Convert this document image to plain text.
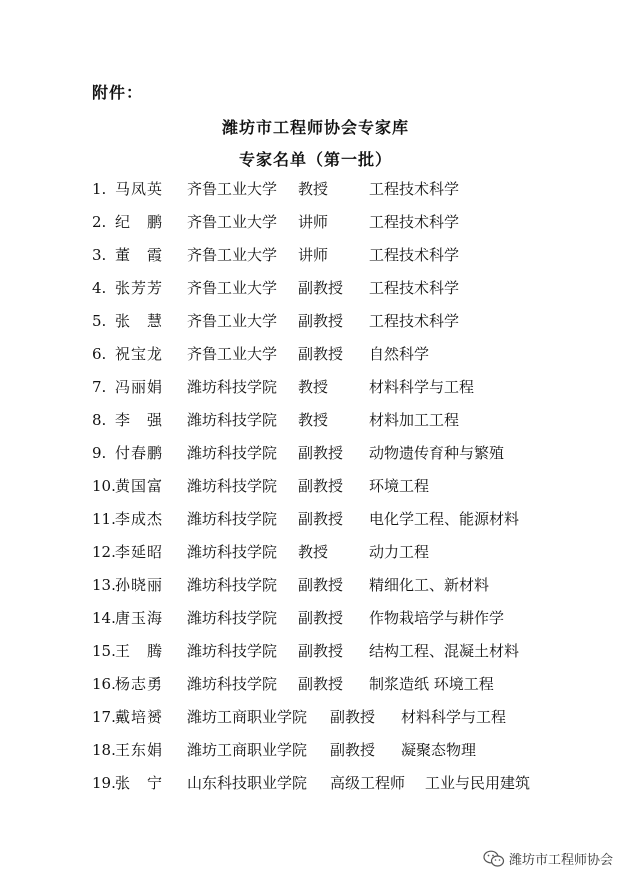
附件：
潍坊市工程师协会专家库
专家名单（第一批）
1. 马凤英 齐鲁工业大学 教授	工程技术科学
2. 纪　鹏 齐鲁工业大学 讲师	工程技术科学
3. 董　霞 齐鲁工业大学 讲师	工程技术科学
4. 张芳芳 齐鲁工业大学 副教授 工程技术科学
5. 张　慧 齐鲁工业大学 副教授 工程技术科学
6. 祝宝龙 齐鲁工业大学 副教授 自然科学
7. 冯丽娟 潍坊科技学院 教授	材料科学与工程
8. 李　强 潍坊科技学院 教授	材料加工工程
9. 付春鹏 潍坊科技学院 副教授 动物遗传育种与繁殖
10. 黄国富 潍坊科技学院 副教授 环境工程
11. 李成杰 潍坊科技学院 副教授 电化学工程、能源材料
12. 李延昭 潍坊科技学院 教授	动力工程
13. 孙晓丽 潍坊科技学院 副教授 精细化工、新材料
14. 唐玉海 潍坊科技学院 副教授 作物栽培学与耕作学
15. 王　腾 潍坊科技学院 副教授 结构工程、混凝土材料
16. 杨志勇 潍坊科技学院 副教授 制浆造纸 环境工程
17. 戴培赟 潍坊工商职业学院 副教授 材料科学与工程
18. 王东娟 潍坊工商职业学院 副教授 凝聚态物理
19. 张　宁 山东科技职业学院 高级工程师 工业与民用建筑
潍坊市工程师协会
